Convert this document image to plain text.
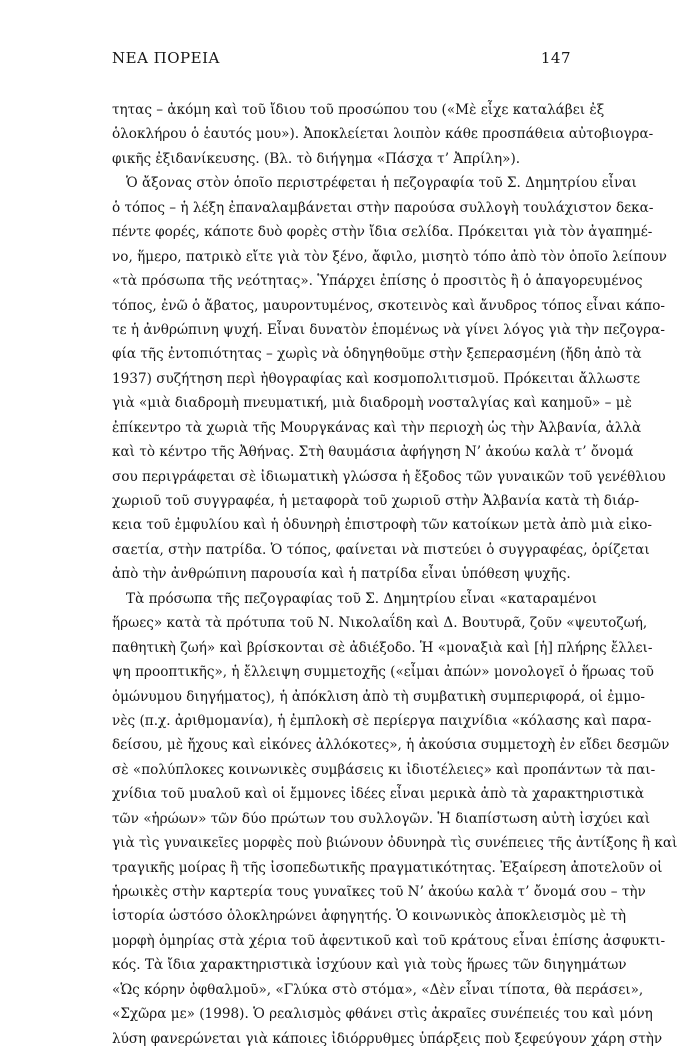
ΝΕΑ ΠΟΡΕΙΑ	147
τητας – ἀκόμη καὶ τοῦ ἴδιου τοῦ προσώπου του («Μὲ εἶχε καταλάβει ἐξ
ὁλοκλήρου ὁ ἑαυτός μου»). Ἀποκλείεται λοιπὸν κάθε προσπάθεια αὐτοβιογρα-
φικῆς ἐξιδανίκευσης. (Βλ. τὸ διήγημα «Πάσχα τ’ Ἀπρίλη»).
Ὁ ἄξονας στὸν ὁποῖο περιστρέφεται ἡ πεζογραφία τοῦ Σ. Δημητρίου εἶναι
ὁ τόπος – ἡ λέξη ἐπαναλαμβάνεται στὴν παρούσα συλλογὴ τουλάχιστον δεκα-
πέντε φορές, κάποτε δυὸ φορὲς στὴν ἴδια σελίδα. Πρόκειται γιὰ τὸν ἀγαπημέ-
νο, ἥμερο, πατρικὸ εἴτε γιὰ τὸν ξένο, ἄφιλο, μισητὸ τόπο ἀπὸ τὸν ὁποῖο λείπουν
«τὰ πρόσωπα τῆς νεότητας». Ὑπάρχει ἐπίσης ὁ προσιτὸς ἢ ὁ ἀπαγορευμένος
τόπος, ἐνῶ ὁ ἄβατος, μαυροντυμένος, σκοτεινὸς καὶ ἄνυδρος τόπος εἶναι κάπο-
τε ἡ ἀνθρώπινη ψυχή. Εἶναι δυνατὸν ἑπομένως νὰ γίνει λόγος γιὰ τὴν πεζογρα-
φία τῆς ἐντοπιότητας – χωρὶς νὰ ὁδηγηθοῦμε στὴν ξεπερασμένη (ἤδη ἀπὸ τὰ
1937) συζήτηση περὶ ἠθογραφίας καὶ κοσμοπολιτισμοῦ. Πρόκειται ἄλλωστε
γιὰ «μιὰ διαδρομὴ πνευματική, μιὰ διαδρομὴ νοσταλγίας καὶ καημοῦ» – μὲ
ἐπίκεντρο τὰ χωριὰ τῆς Μουργκάνας καὶ τὴν περιοχὴ ὡς τὴν Ἀλβανία, ἀλλὰ
καὶ τὸ κέντρο τῆς Ἀθήνας. Στὴ θαυμάσια ἀφήγηση Ν’ ἀκούω καλὰ τ’ ὄνομά
σου περιγράφεται σὲ ἰδιωματικὴ γλώσσα ἡ ἔξοδος τῶν γυναικῶν τοῦ γενέθλιου
χωριοῦ τοῦ συγγραφέα, ἡ μεταφορὰ τοῦ χωριοῦ στὴν Ἀλβανία κατὰ τὴ διάρ-
κεια τοῦ ἐμφυλίου καὶ ἡ ὀδυνηρὴ ἐπιστροφὴ τῶν κατοίκων μετὰ ἀπὸ μιὰ εἰκο-
σαετία, στὴν πατρίδα. Ὁ τόπος, φαίνεται νὰ πιστεύει ὁ συγγραφέας, ὁρίζεται
ἀπὸ τὴν ἀνθρώπινη παρουσία καὶ ἡ πατρίδα εἶναι ὑπόθεση ψυχῆς.
Τὰ πρόσωπα τῆς πεζογραφίας τοῦ Σ. Δημητρίου εἶναι «καταραμένοι
ἥρωες» κατὰ τὰ πρότυπα τοῦ Ν. Νικολαΐδη καὶ Δ. Βουτυρᾶ, ζοῦν «ψευτοζωή,
παθητικὴ ζωή» καὶ βρίσκονται σὲ ἀδιέξοδο. Ἡ «μοναξιὰ καὶ [ἡ] πλήρης ἔλλει-
ψη προοπτικῆς», ἡ ἔλλειψη συμμετοχῆς («εἶμαι ἀπών» μονολογεῖ ὁ ἥρωας τοῦ
ὁμώνυμου διηγήματος), ἡ ἀπόκλιση ἀπὸ τὴ συμβατικὴ συμπεριφορά, οἱ ἐμμο-
νὲς (π.χ. ἀριθμομανία), ἡ ἐμπλοκὴ σὲ περίεργα παιχνίδια «κόλασης καὶ παρα-
δείσου, μὲ ἤχους καὶ εἰκόνες ἀλλόκοτες», ἡ ἀκούσια συμμετοχὴ ἐν εἴδει δεσμῶν
σὲ «πολύπλοκες κοινωνικὲς συμβάσεις κι ἰδιοτέλειες» καὶ προπάντων τὰ παι-
χνίδια τοῦ μυαλοῦ καὶ οἱ ἔμμονες ἰδέες εἶναι μερικὰ ἀπὸ τὰ χαρακτηριστικὰ
τῶν «ἡρώων» τῶν δύο πρώτων του συλλογῶν. Ἡ διαπίστωση αὐτὴ ἰσχύει καὶ
γιὰ τὶς γυναικεῖες μορφὲς ποὺ βιώνουν ὀδυνηρὰ τὶς συνέπειες τῆς ἀντίξοης ἢ καὶ
τραγικῆς μοίρας ἢ τῆς ἰσοπεδωτικῆς πραγματικότητας. Ἐξαίρεση ἀποτελοῦν οἱ
ἡρωικὲς στὴν καρτερία τους γυναῖκες τοῦ Ν’ ἀκούω καλὰ τ’ ὄνομά σου – τὴν
ἱστορία ὡστόσο ὁλοκληρώνει ἀφηγητής. Ὁ κοινωνικὸς ἀποκλεισμὸς μὲ τὴ
μορφὴ ὁμηρίας στὰ χέρια τοῦ ἀφεντικοῦ καὶ τοῦ κράτους εἶναι ἐπίσης ἀσφυκτι-
κός. Τὰ ἴδια χαρακτηριστικὰ ἰσχύουν καὶ γιὰ τοὺς ἥρωες τῶν διηγημάτων
«Ὡς κόρην ὀφθαλμοῦ», «Γλύκα στὸ στόμα», «Δὲν εἶναι τίποτα, θὰ περάσει»,
«Σχῶρα με» (1998). Ὁ ρεαλισμὸς φθάνει στὶς ἀκραῖες συνέπειές του καὶ μόνη
λύση φανερώνεται γιὰ κάποιες ἰδιόρρυθμες ὑπάρξεις ποὺ ξεφεύγουν χάρη στὴν
